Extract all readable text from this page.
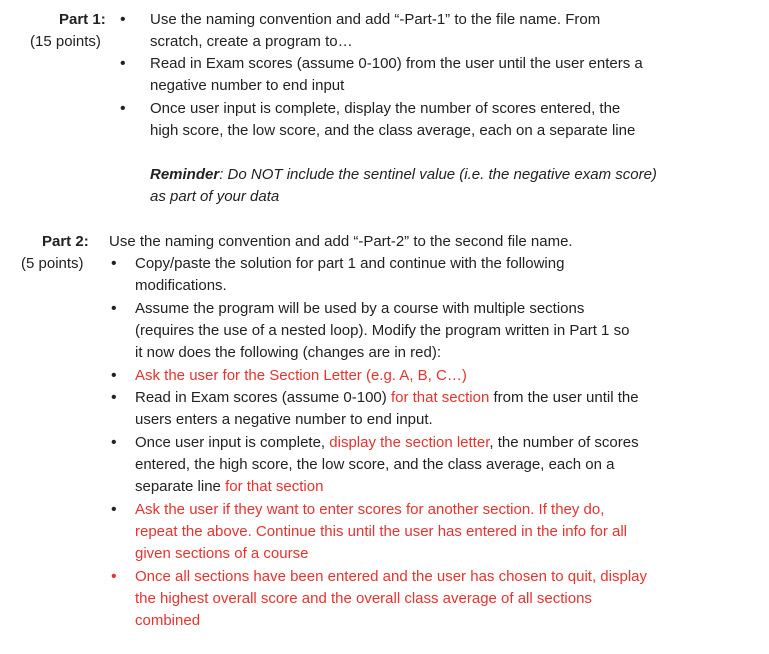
Part 1:
(15 points)
• Use the naming convention and add “-Part-1” to the file name. From
scratch, create a program to…
• Read in Exam scores (assume 0-100) from the user until the user enters a
negative number to end input
• Once user input is complete, display the number of scores entered, the
high score, the low score, and the class average, each on a separate line
Reminder: Do NOT include the sentinel value (i.e. the negative exam score)
as part of your data
Part 2:
(5 points)
Use the naming convention and add “-Part-2” to the second file name.
• Copy/paste the solution for part 1 and continue with the following
modifications.
• Assume the program will be used by a course with multiple sections
(requires the use of a nested loop). Modify the program written in Part 1 so
it now does the following (changes are in red):
• Ask the user for the Section Letter (e.g. A, B, C…)
• Read in Exam scores (assume 0-100) for that section from the user until the
users enters a negative number to end input.
• Once user input is complete, display the section letter, the number of scores
entered, the high score, the low score, and the class average, each on a
separate line for that section
• Ask the user if they want to enter scores for another section. If they do,
repeat the above. Continue this until the user has entered in the info for all
given sections of a course
• Once all sections have been entered and the user has chosen to quit, display
the highest overall score and the overall class average of all sections
combined
